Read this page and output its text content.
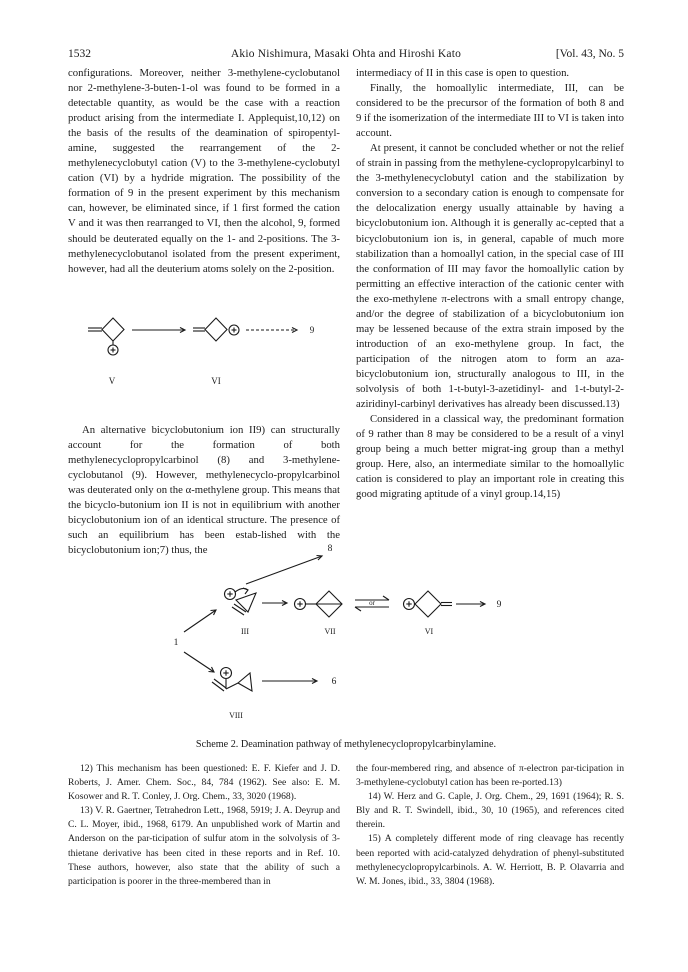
1532	Akio Nishimura, Masaki Ohta and Hiroshi Kato	[Vol. 43, No. 5

configurations. Moreover, neither 3-methylene-cyclobutanol nor 2-methylene-3-buten-1-ol was found to be formed in a detectable quantity, as would be the case with a reaction product arising from the intermediate I. Applequist,10,12) on the basis of the results of the deamination of spiropentyl-amine, suggested the rearrangement of the 2-methylenecyclobutyl cation (V) to the 3-methylene-cyclobutyl cation (VI) by a hydride migration. The possibility of the formation of 9 in the present experiment by this mechanism can, however, be eliminated since, if 1 first formed the cation V and it was then rearranged to VI, then the alcohol, 9, formed should be deuterated equally on the 1- and 2-positions. The 3-methylenecyclobutanol isolated from the present experiment, however, had all the deuterium atoms solely on the 2-position.

An alternative bicyclobutonium ion II9) can structurally account for the formation of both methylenecyclopropylcarbinol (8) and 3-methylene-cyclobutanol (9). However, methylenecyclo-propylcarbinol was deuterated only on the α-methylene group. This means that the bicyclo-butonium ion II is not in equilibrium with another bicyclobutonium ion of an identical structure. The presence of such an equilibrium has been estab-lished with the bicyclobutonium ion;7) thus, the

intermediacy of II in this case is open to question.

Finally, the homoallylic intermediate, III, can be considered to be the precursor of the formation of both 8 and 9 if the isomerization of the intermediate III to VI is taken into account.

At present, it cannot be concluded whether or not the relief of strain in passing from the methylene-cyclopropylcarbinyl to the 3-methylenecyclobutyl cation and the stabilization by conversion to a secondary cation is enough to compensate for the delocalization energy usually attainable by having a bicyclobutonium ion. Although it is generally ac-cepted that a bicyclobutonium ion is, in general, capable of much more stabilization than a homoallyl cation, in the special case of III the conformation of III may favor the homoallylic cation by permitting an effective interaction of the cationic center with the exo-methylene π-electrons with a small entropy change, and/or the degree of stabilization of a bicyclobutonium ion may be lessened because of the extra strain imposed by the introduction of an exo-methylene group. In fact, the participation of the nitrogen atom to form an aza-bicyclobutonium ion, structurally analogous to III, in the solvolysis of both 1-t-butyl-3-azetidinyl- and 1-t-butyl-2-aziridinyl-carbinyl derivatives has already been discussed.13)

Considered in a classical way, the predominant formation of 9 rather than 8 may be considered to be a result of a vinyl group being a much better migrat-ing group than a methyl group. Here, also, an intermediate similar to the homoallylic cation is considered to play an important role in creating this good migrating aptitude of a vinyl group.14,15)

9
V	VI
1
8
III	VII
or
VI
9
6
VIII
Scheme 2. Deamination pathway of methylenecyclopropylcarbinylamine.

12) This mechanism has been questioned: E. F. Kiefer and J. D. Roberts, J. Amer. Chem. Soc., 84, 784 (1962). See also: E. M. Kosower and R. T. Conley, J. Org. Chem., 33, 3020 (1968).

13) V. R. Gaertner, Tetrahedron Lett., 1968, 5919; J. A. Deyrup and C. L. Moyer, ibid., 1968, 6179. An unpublished work of Martin and Anderson on the par-ticipation of sulfur atom in the solvolysis of 3-thietane derivative has been cited in these reports and in Ref. 10. These authors, however, also state that the ability of such a participation is poorer in the three-membered than in

the four-membered ring, and absence of π-electron par-ticipation in 3-methylene-cyclobutyl cation has been re-ported.13)

14) W. Herz and G. Caple, J. Org. Chem., 29, 1691 (1964); R. S. Bly and R. T. Swindell, ibid., 30, 10 (1965), and references cited therein.

15) A completely different mode of ring cleavage has recently been reported with acid-catalyzed dehydration of phenyl-substituted methylenecyclopropylcarbinols. A. W. Herriott, B. P. Olavarria and W. M. Jones, ibid., 33, 3804 (1968).
